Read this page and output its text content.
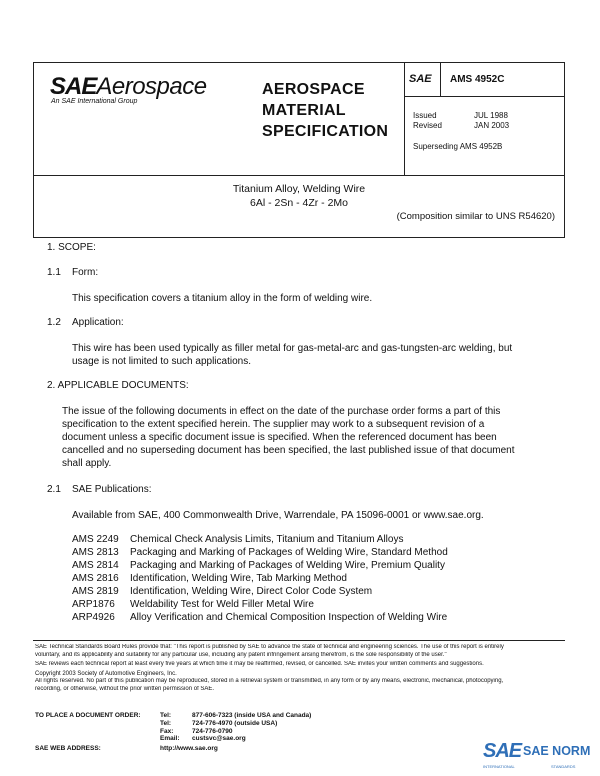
SAEAerospace
An SAE International Group
AEROSPACE
MATERIAL
SPECIFICATION
SAE AMS 4952C
Issued	JUL 1988
Revised	JAN 2003
Superseding AMS 4952B
Titanium Alloy, Welding Wire
6Al - 2Sn - 4Zr - 2Mo
(Composition similar to UNS R54620)
1. SCOPE:
1.1 Form:
This specification covers a titanium alloy in the form of welding wire.
1.2 Application:
This wire has been used typically as filler metal for gas-metal-arc and gas-tungsten-arc welding, but
usage is not limited to such applications.
2. APPLICABLE DOCUMENTS:
The issue of the following documents in effect on the date of the purchase order forms a part of this
specification to the extent specified herein. The supplier may work to a subsequent revision of a
document unless a specific document issue is specified. When the referenced document has been
cancelled and no superseding document has been specified, the last published issue of that document
shall apply.
2.1 SAE Publications:
Available from SAE, 400 Commonwealth Drive, Warrendale, PA 15096-0001 or www.sae.org.
AMS 2249 Chemical Check Analysis Limits, Titanium and Titanium Alloys
AMS 2813 Packaging and Marking of Packages of Welding Wire, Standard Method
AMS 2814 Packaging and Marking of Packages of Welding Wire, Premium Quality
AMS 2816 Identification, Welding Wire, Tab Marking Method
AMS 2819 Identification, Welding Wire, Direct Color Code System
ARP1876 Weldability Test for Weld Filler Metal Wire
ARP4926 Alloy Verification and Chemical Composition Inspection of Welding Wire
SAE Technical Standards Board Rules provide that: "This report is published by SAE to advance the state of technical and engineering sciences. The use of this report is entirely
voluntary, and its applicability and suitability for any particular use, including any patent infringement arising therefrom, is the sole responsibility of the user."
SAE reviews each technical report at least every five years at which time it may be reaffirmed, revised, or cancelled. SAE invites your written comments and suggestions.
Copyright 2003 Society of Automotive Engineers, Inc.
All rights reserved. No part of this publication may be reproduced, stored in a retrieval system or transmitted, in any form or by any means, electronic, mechanical, photocopying,
recording, or otherwise, without the prior written permission of SAE.
TO PLACE A DOCUMENT ORDER:	Tel:	877-606-7323 (inside USA and Canada)
Tel:	724-776-4970 (outside USA)
Fax:	724-776-0790
Email: custsvc@sae.org
SAE WEB ADDRESS:	http://www.sae.org	SAE SAE NORM
INTERNATIONAL	STANDARDS
